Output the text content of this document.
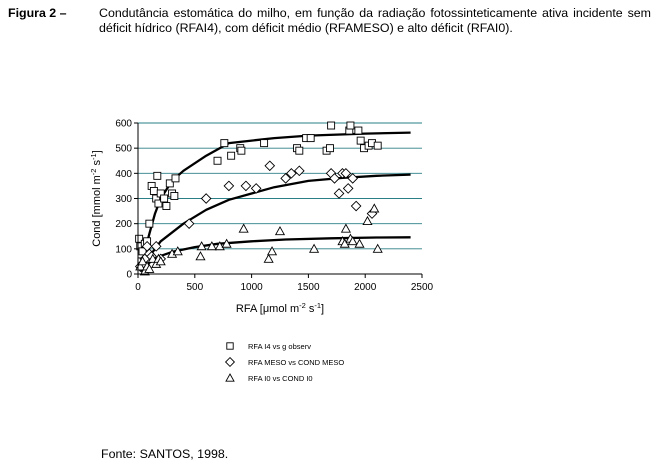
Figura 2 –	Condutância estomática do milho, em função da radiação fotossinteticamente ativa incidente sem déficit hídrico (RFAI4), com déficit médio (RFAMESO) e alto déficit (RFAI0).
0
100
200
300
400
500
600
0	500	1000	1500	2000	2500
RFA [μmol $m^{-2}$ $s^{-1}$]
Cond [mmol $m^{-2}$ $s^{-1}$]
RFA I4 vs g observ
RFA MESO vs COND MESO
RFA I0 vs COND I0
Fonte: SANTOS, 1998.
